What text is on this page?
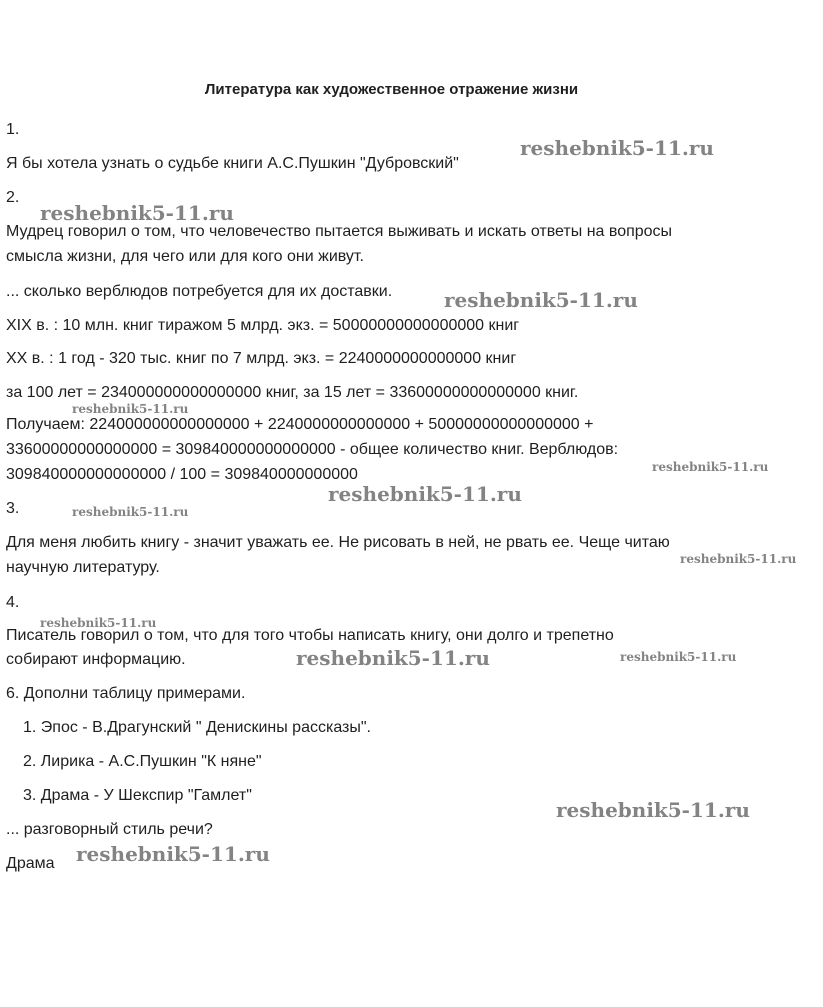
Литература как художественное отражение жизни
1.
Я бы хотела узнать о судьбе книги А.С.Пушкин "Дубровский"
2.
Мудрец говорил о том, что человечество пытается выживать и искать ответы на вопросы
смысла жизни, для чего или для кого они живут.
... сколько верблюдов потребуется для их доставки.
XIX в. : 10 млн. книг тиражом 5 млрд. экз. = 50000000000000000 книг
XX в. : 1 год - 320 тыс. книг по 7 млрд. экз. = 2240000000000000 книг
за 100 лет = 234000000000000000 книг, за 15 лет = 33600000000000000 книг.
Получаем: 224000000000000000 + 2240000000000000 + 50000000000000000 +
33600000000000000 = 309840000000000000 - общее количество книг. Верблюдов:
309840000000000000 / 100 = 309840000000000
3.
Для меня любить книгу - значит уважать ее. Не рисовать в ней, не рвать ее. Чеще читаю
научную литературу.
4.
Писатель говорил о том, что для того чтобы написать книгу, они долго и трепетно
собирают информацию.
6. Дополни таблицу примерами.
1. Эпос - В.Драгунский " Денискины рассказы".
2. Лирика - А.С.Пушкин "К няне"
3. Драма - У Шекспир "Гамлет"
... разговорный стиль речи?
Драма
reshebnik5-11.ru
reshebnik5-11.ru
reshebnik5-11.ru
reshebnik5-11.ru
reshebnik5-11.ru
reshebnik5-11.ru
reshebnik5-11.ru
reshebnik5-11.ru
reshebnik5-11.ru
reshebnik5-11.ru	reshebnik5-11.ru
reshebnik5-11.ru
reshebnik5-11.ru
